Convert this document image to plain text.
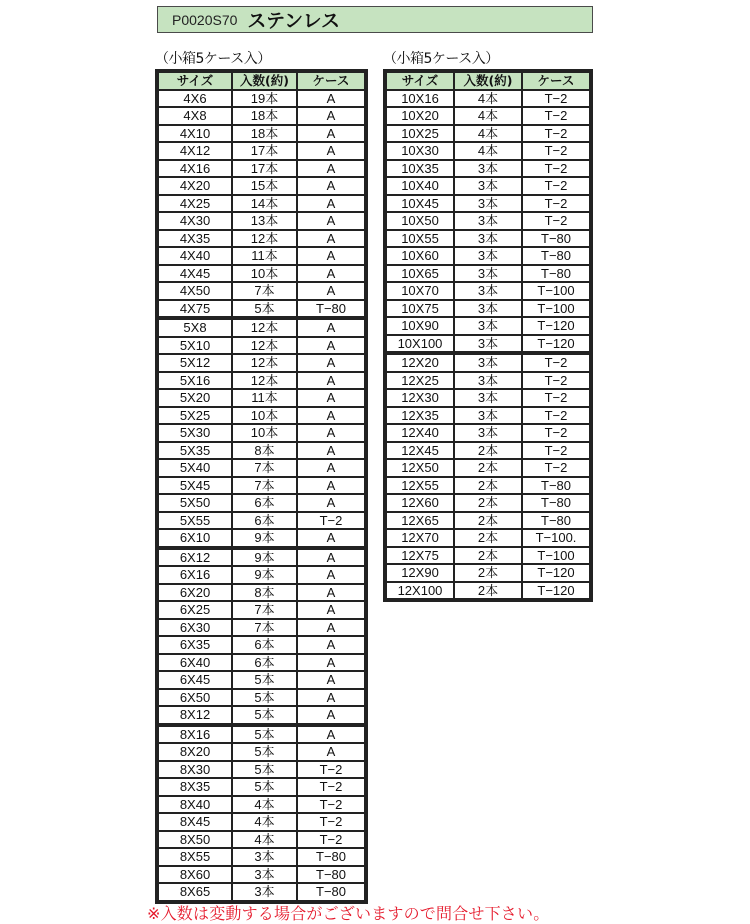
P0020S70 ステンレス
（小箱5ケース入）
サイズ	入数(約)	ケース
4X6	19本	A
4X8	18本	A
4X10	18本	A
4X12	17本	A
4X16	17本	A
4X20	15本	A
4X25	14本	A
4X30	13本	A
4X35	12本	A
4X40	11本	A
4X45	10本	A
4X50	7本	A
4X75	5本	T−80
5X8	12本	A
5X10	12本	A
5X12	12本	A
5X16	12本	A
5X20	11本	A
5X25	10本	A
5X30	10本	A
5X35	8本	A
5X40	7本	A
5X45	7本	A
5X50	6本	A
5X55	6本	T−2
6X10	9本	A
6X12	9本	A
6X16	9本	A
6X20	8本	A
6X25	7本	A
6X30	7本	A
6X35	6本	A
6X40	6本	A
6X45	5本	A
6X50	5本	A
8X12	5本	A
8X16	5本	A
8X20	5本	A
8X30	5本	T−2
8X35	5本	T−2
8X40	4本	T−2
8X45	4本	T−2
8X50	4本	T−2
8X55	3本	T−80
8X60	3本	T−80
8X65	3本	T−80
（小箱5ケース入）
サイズ	入数(約)	ケース
10X16	4本	T−2
10X20	4本	T−2
10X25	4本	T−2
10X30	4本	T−2
10X35	3本	T−2
10X40	3本	T−2
10X45	3本	T−2
10X50	3本	T−2
10X55	3本	T−80
10X60	3本	T−80
10X65	3本	T−80
10X70	3本	T−100
10X75	3本	T−100
10X90	3本	T−120
10X100	3本	T−120
12X20	3本	T−2
12X25	3本	T−2
12X30	3本	T−2
12X35	3本	T−2
12X40	3本	T−2
12X45	2本	T−2
12X50	2本	T−2
12X55	2本	T−80
12X60	2本	T−80
12X65	2本	T−80
12X70	2本	T−100.
12X75	2本	T−100
12X90	2本	T−120
12X100	2本	T−120
※入数は変動する場合がございますので問合せ下さい。
